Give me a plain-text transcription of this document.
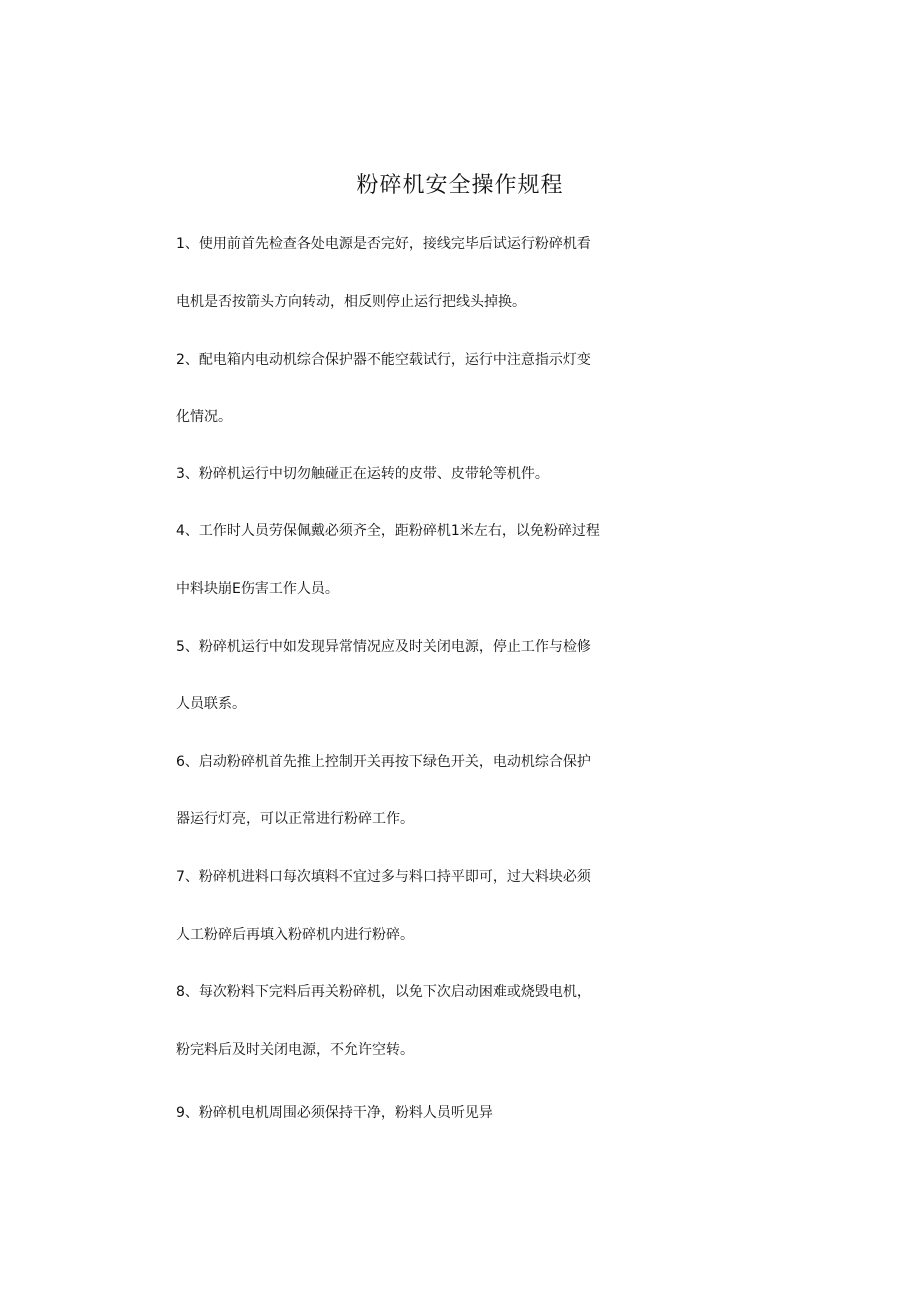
粉碎机安全操作规程

1、使用前首先检查各处电源是否完好，接线完毕后试运行粉碎机看

电机是否按箭头方向转动，相反则停止运行把线头掉换。

2、配电箱内电动机综合保护器不能空载试行，运行中注意指示灯变

化情况。

3、粉碎机运行中切勿触碰正在运转的皮带、皮带轮等机件。

4、工作时人员劳保佩戴必须齐全，距粉碎机1米左右，以免粉碎过程

中料块崩E伤害工作人员。

5、粉碎机运行中如发现异常情况应及时关闭电源，停止工作与检修

人员联系。

6、启动粉碎机首先推上控制开关再按下绿色开关，电动机综合保护

器运行灯亮，可以正常进行粉碎工作。

7、粉碎机进料口每次填料不宜过多与料口持平即可，过大料块必须

人工粉碎后再填入粉碎机内进行粉碎。

8、每次粉料下完料后再关粉碎机，以免下次启动困难或烧毁电机，

粉完料后及时关闭电源，不允许空转。

9、粉碎机电机周围必须保持干净，粉料人员听见异
